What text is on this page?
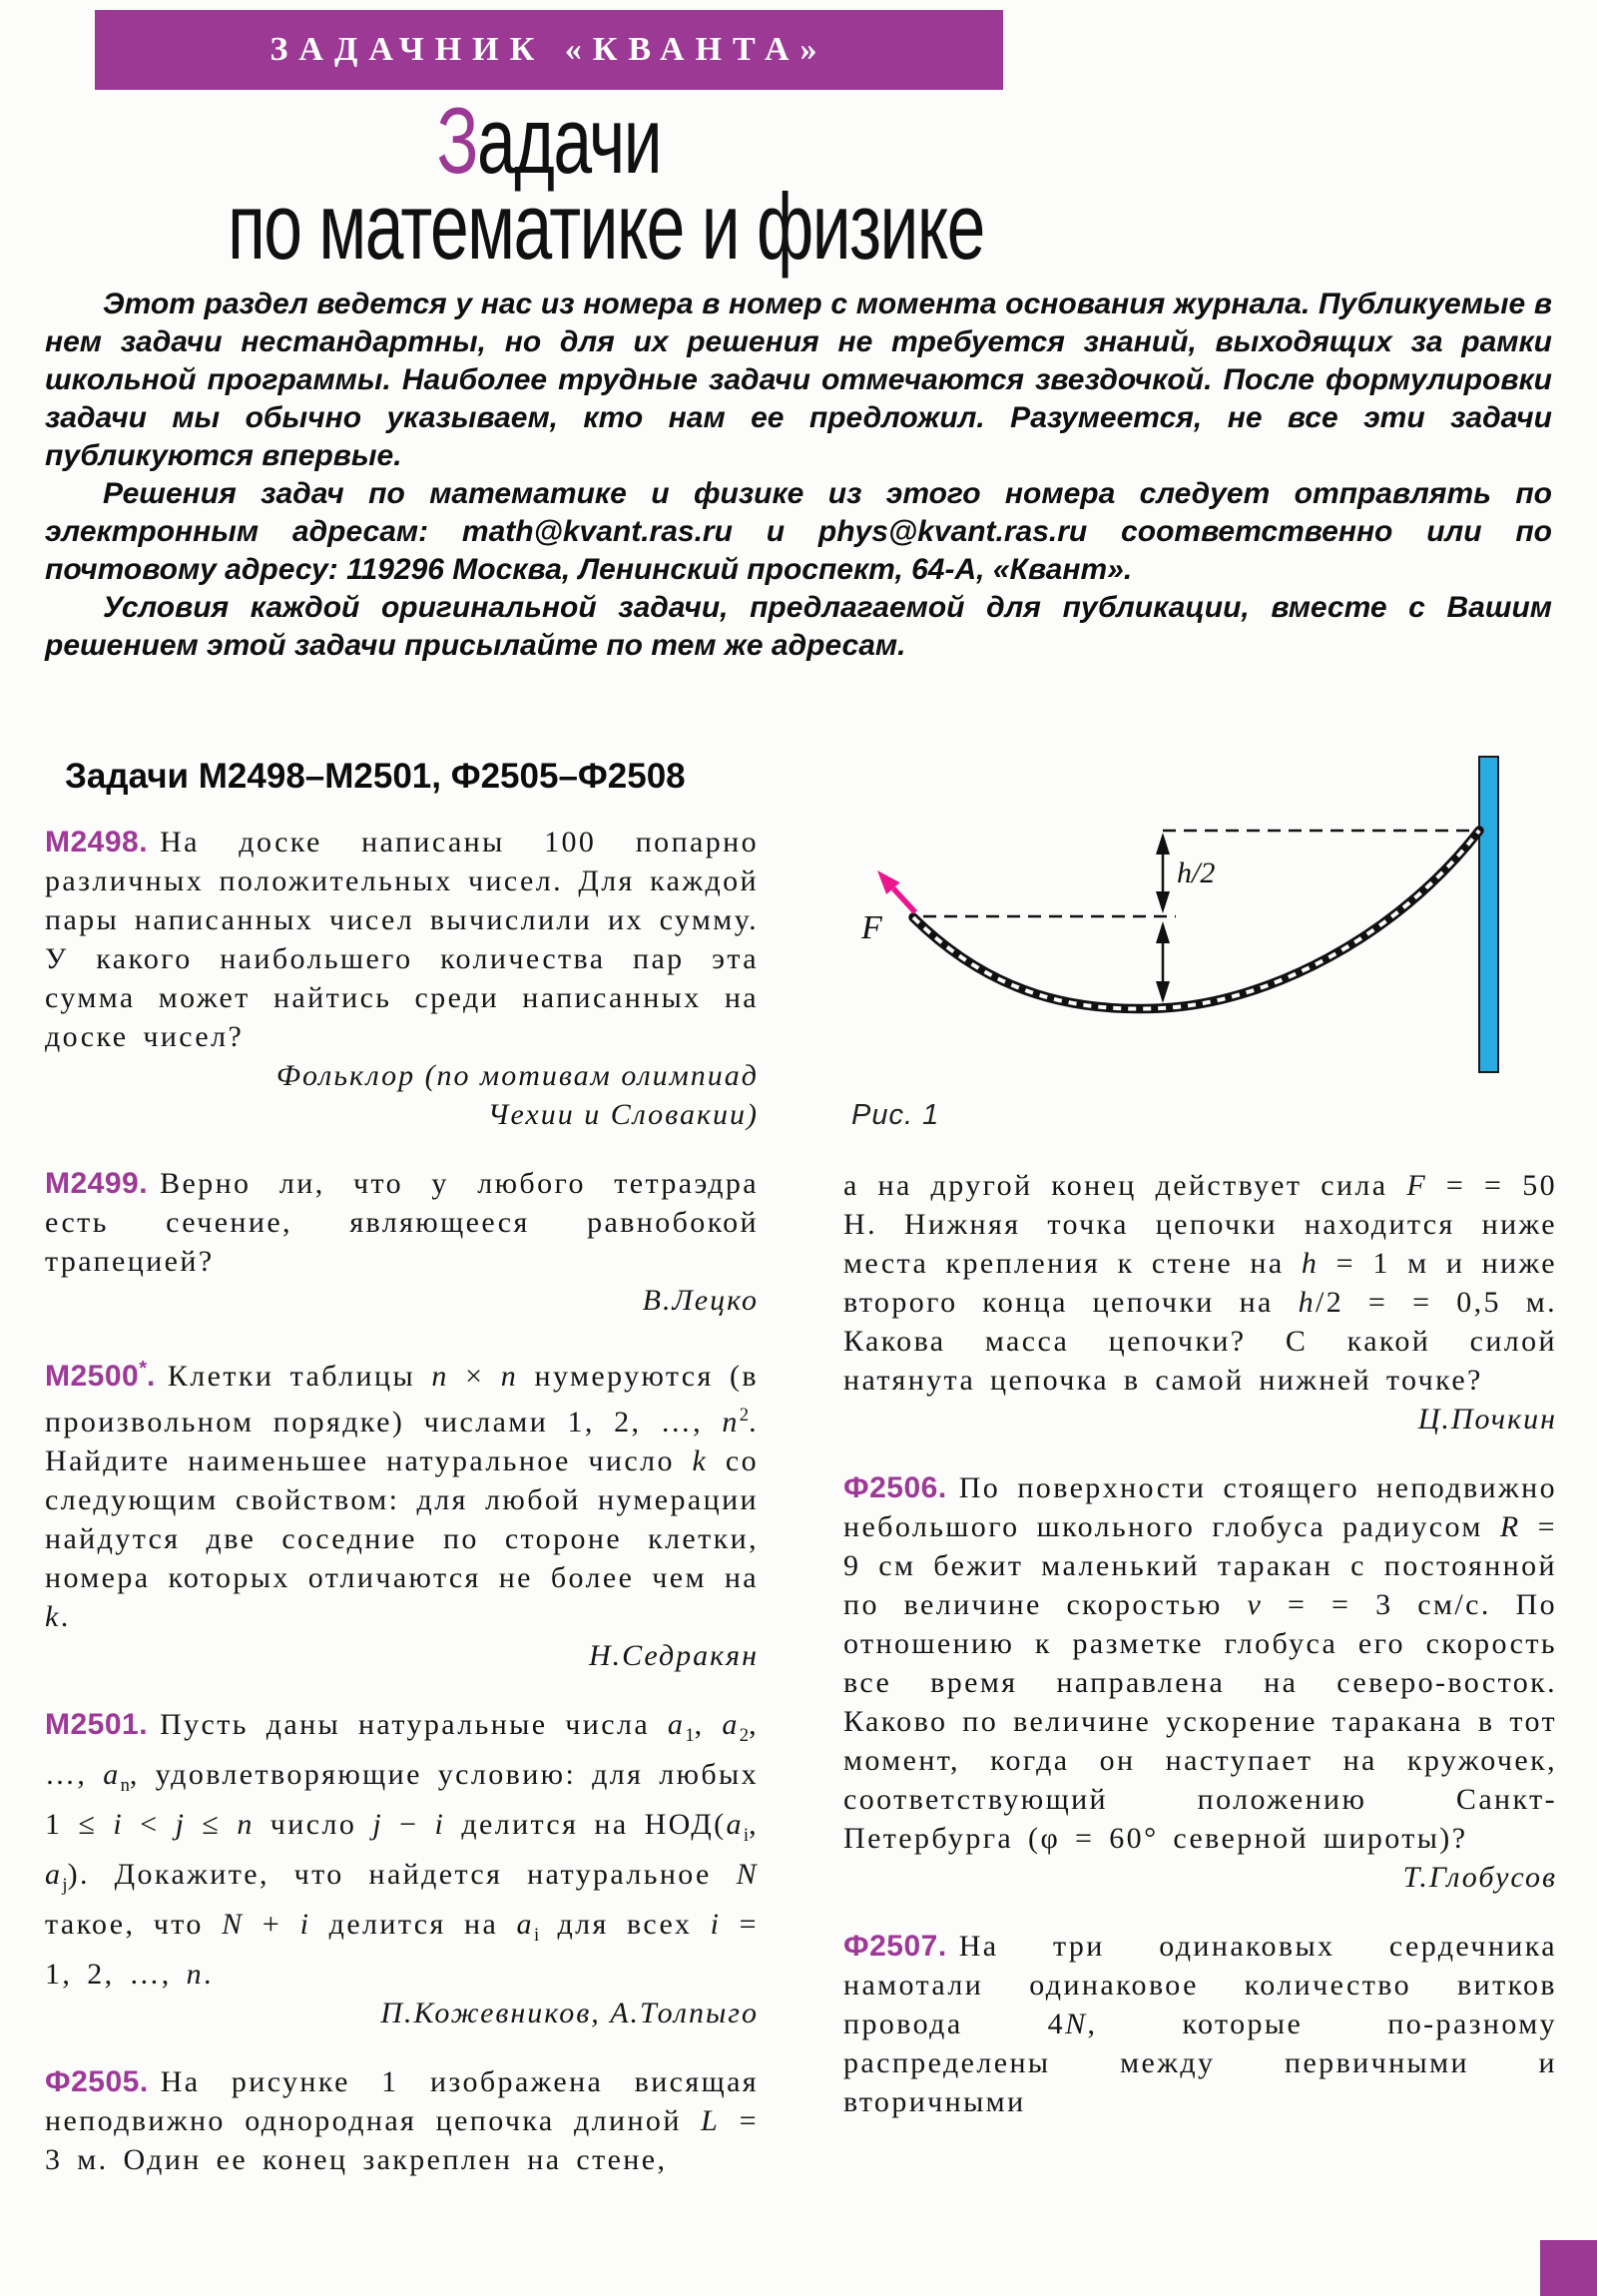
ЗАДАЧНИК «КВАНТА»
Задачи
по математике и физике

Этот раздел ведется у нас из номера в номер с момента основания журнала. Публикуемые в нем задачи нестандартны, но для их решения не требуется знаний, выходящих за рамки школьной программы. Наиболее трудные задачи отмечаются звездочкой. После формулировки задачи мы обычно указываем, кто нам ее предложил. Разумеется, не все эти задачи публикуются впервые.

Решения задач по математике и физике из этого номера следует отправлять по электронным адресам: math@kvant.ras.ru и phys@kvant.ras.ru соответственно или по почтовому адресу: 119296 Москва, Ленинский проспект, 64-А, «Квант».

Условия каждой оригинальной задачи, предлагаемой для публикации, вместе с Вашим решением этой задачи присылайте по тем же адресам.

Задачи М2498–М2501, Ф2505–Ф2508

М2498. На доске написаны 100 попарно различных положительных чисел. Для каждой пары написанных чисел вычислили их сумму. У какого наибольшего количества пар эта сумма может найтись среди написанных на доске чисел?

Фольклор (по мотивам олимпиад
Чехии и Словакии)

М2499. Верно ли, что у любого тетраэдра есть сечение, являющееся равнобокой трапецией?

В.Лецко

М2500*. Клетки таблицы n × n нумеруются (в произвольном порядке) числами 1, 2, …, $n^2$. Найдите наименьшее натуральное число k со следующим свойством: для любой нумерации найдутся две соседние по стороне клетки, номера которых отличаются не более чем на k.

Н.Седракян

М2501. Пусть даны натуральные числа $a_1$, $a_2$, …, $a_n$, удовлетворяющие условию: для любых 1 ≤ i < j ≤ n число j − i делится на $НОД(a_i$, $a_j$). Докажите, что найдется натуральное N такое, что N + i делится на $a_i$ для всех i = 1, 2, …, n.

П.Кожевников, А.Толпыго

Ф2505. На рисунке 1 изображена висящая неподвижно однородная цепочка длиной L = 3 м. Один ее конец закреплен на стене,

F
h/2
Рис. 1

а на другой конец действует сила F = = 50 Н. Нижняя точка цепочки находится ниже места крепления к стене на h = 1 м и ниже второго конца цепочки на h/2 = = 0,5 м. Какова масса цепочки? С какой силой натянута цепочка в самой нижней точке?

Ц.Почкин

Ф2506. По поверхности стоящего неподвижно небольшого школьного глобуса радиусом R = 9 см бежит маленький таракан с постоянной по величине скоростью v = = 3 см/с. По отношению к разметке глобуса его скорость все время направлена на северо-восток. Каково по величине ускорение таракана в тот момент, когда он наступает на кружочек, соответствующий положению Санкт-Петербурга (φ = 60° северной широты)?

Т.Глобусов

Ф2507. На три одинаковых сердечника намотали одинаковое количество витков провода 4N, которые по-разному распределены между первичными и вторичными
